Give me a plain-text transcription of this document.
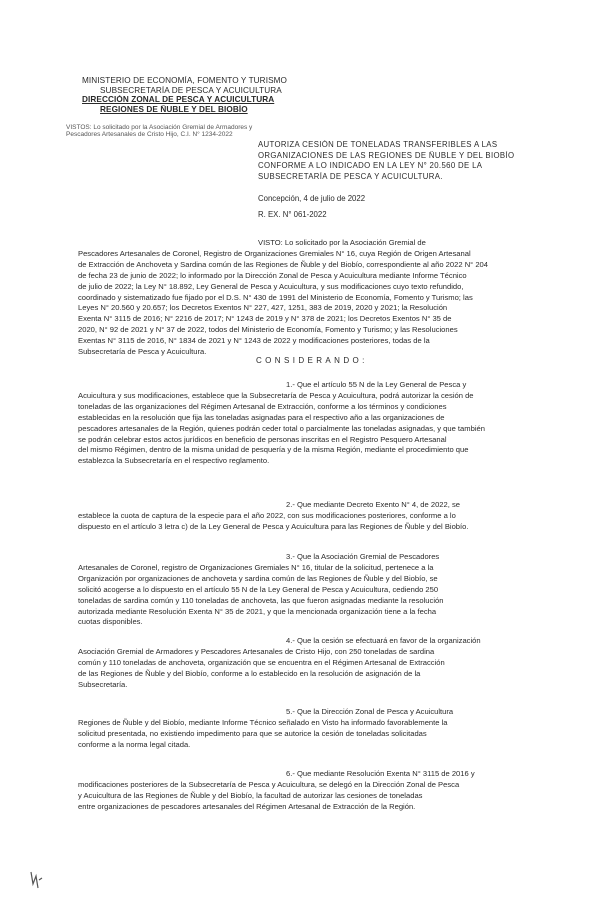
MINISTERIO DE ECONOMÍA, FOMENTO Y TURISMO
SUBSECRETARÍA DE PESCA Y ACUICULTURA
DIRECCIÓN ZONAL DE PESCA Y ACUICULTURA
REGIONES DE ÑUBLE Y DEL BIOBÍO
VISTOS: Lo solicitado por la Asociación Gremial de Armadores y
Pescadores Artesanales de Cristo Hijo, C.I. N° 1234-2022
AUTORIZA CESIÓN DE TONELADAS TRANSFERIBLES A LAS
ORGANIZACIONES DE LAS REGIONES DE ÑUBLE Y DEL BIOBÍO
CONFORME A LO INDICADO EN LA LEY N° 20.560 DE LA
SUBSECRETARÍA DE PESCA Y ACUICULTURA.
Concepción, 4 de julio de 2022
R. EX. N° 061-2022
VISTO: Lo solicitado por la Asociación Gremial de
Pescadores Artesanales de Coronel, Registro de Organizaciones Gremiales N° 16, cuya Región de Origen Artesanal
de Extracción de Anchoveta y Sardina común de las Regiones de Ñuble y del Biobío, correspondiente al año 2022 N° 204
de fecha 23 de junio de 2022; lo informado por la Dirección Zonal de Pesca y Acuicultura mediante Informe Técnico
de julio de 2022; la Ley N° 18.892, Ley General de Pesca y Acuicultura, y sus modificaciones cuyo texto refundido,
coordinado y sistematizado fue fijado por el D.S. N° 430 de 1991 del Ministerio de Economía, Fomento y Turismo; las
Leyes N° 20.560 y 20.657; los Decretos Exentos N° 227, 427, 1251, 383 de 2019, 2020 y 2021; la Resolución
Exenta N° 3115 de 2016; N° 2216 de 2017; N° 1243 de 2019 y N° 378 de 2021; los Decretos Exentos N° 35 de
2020, N° 92 de 2021 y N° 37 de 2022, todos del Ministerio de Economía, Fomento y Turismo; y las Resoluciones
Exentas N° 3115 de 2016, N° 1834 de 2021 y N° 1243 de 2022 y modificaciones posteriores, todas de la
Subsecretaría de Pesca y Acuicultura.
CONSIDERANDO:
1.- Que el artículo 55 N de la Ley General de Pesca y
Acuicultura y sus modificaciones, establece que la Subsecretaría de Pesca y Acuicultura, podrá autorizar la cesión de
toneladas de las organizaciones del Régimen Artesanal de Extracción, conforme a los términos y condiciones
establecidas en la resolución que fija las toneladas asignadas para el respectivo año a las organizaciones de
pescadores artesanales de la Región, quienes podrán ceder total o parcialmente las toneladas asignadas, y que también
se podrán celebrar estos actos jurídicos en beneficio de personas inscritas en el Registro Pesquero Artesanal
del mismo Régimen, dentro de la misma unidad de pesquería y de la misma Región, mediante el procedimiento que
establezca la Subsecretaría en el respectivo reglamento.
2.- Que mediante Decreto Exento N° 4, de 2022, se
establece la cuota de captura de la especie para el año 2022, con sus modificaciones posteriores, conforme a lo
dispuesto en el artículo 3 letra c) de la Ley General de Pesca y Acuicultura para las Regiones de Ñuble y del Biobío.
3.- Que la Asociación Gremial de Pescadores
Artesanales de Coronel, registro de Organizaciones Gremiales N° 16, titular de la solicitud, pertenece a la
Organización por organizaciones de anchoveta y sardina común de las Regiones de Ñuble y del Biobío, se
solicitó acogerse a lo dispuesto en el artículo 55 N de la Ley General de Pesca y Acuicultura, cediendo 250
toneladas de sardina común y 110 toneladas de anchoveta, las que fueron asignadas mediante la resolución
autorizada mediante Resolución Exenta N° 35 de 2021, y que la mencionada organización tiene a la fecha
cuotas disponibles.
4.- Que la cesión se efectuará en favor de la organización
Asociación Gremial de Armadores y Pescadores Artesanales de Cristo Hijo, con 250 toneladas de sardina
común y 110 toneladas de anchoveta, organización que se encuentra en el Régimen Artesanal de Extracción
de las Regiones de Ñuble y del Biobío, conforme a lo establecido en la resolución de asignación de la
Subsecretaría.
5.- Que la Dirección Zonal de Pesca y Acuicultura
Regiones de Ñuble y del Biobío, mediante Informe Técnico señalado en Visto ha informado favorablemente la
solicitud presentada, no existiendo impedimento para que se autorice la cesión de toneladas solicitadas
conforme a la norma legal citada.
6.- Que mediante Resolución Exenta N° 3115 de 2016 y
modificaciones posteriores de la Subsecretaría de Pesca y Acuicultura, se delegó en la Dirección Zonal de Pesca
y Acuicultura de las Regiones de Ñuble y del Biobío, la facultad de autorizar las cesiones de toneladas
entre organizaciones de pescadores artesanales del Régimen Artesanal de Extracción de la Región.
